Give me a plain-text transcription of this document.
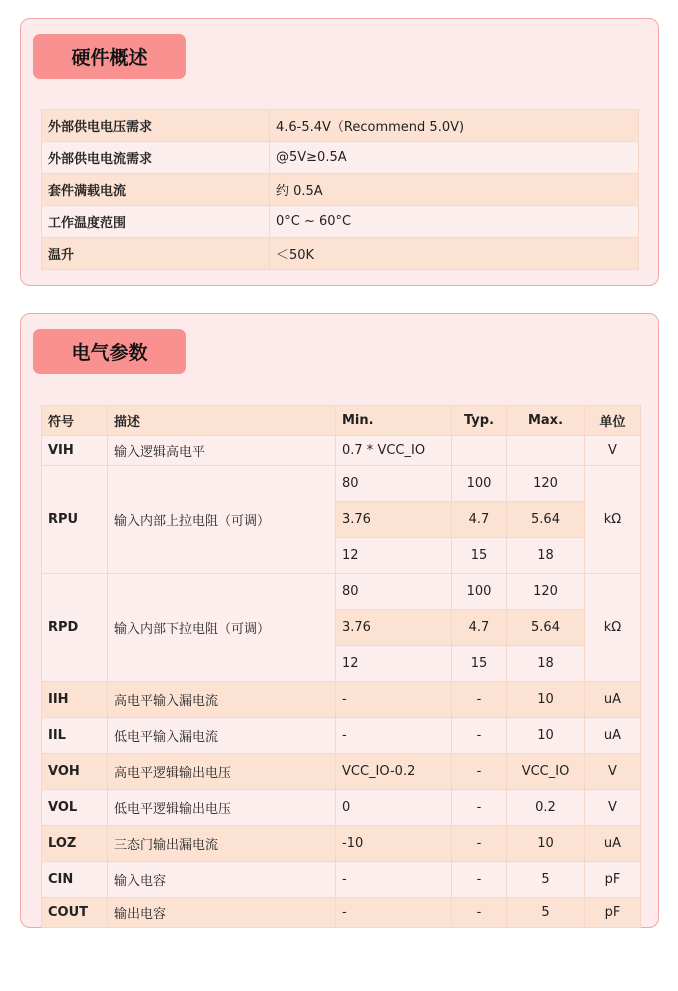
硬件概述
外部供电电压需求	4.6-5.4V（Recommend 5.0V)
外部供电电流需求	@5V≥0.5A
套件满载电流	约 0.5A
工作温度范围	0°C ~ 60°C
温升	＜50K
电气参数
符号	描述	Min.	Typ.	Max.	单位
VIH	输入逻辑高电平	0.7 * VCC_IO			V
RPU	输入内部上拉电阻（可调）	80	100	120	kΩ
		3.76	4.7	5.64	
		12	15	18	
RPD	输入内部下拉电阻（可调）	80	100	120	kΩ
		3.76	4.7	5.64	
		12	15	18	
IIH	高电平输入漏电流	-	-	10	uA
IIL	低电平输入漏电流	-	-	10	uA
VOH	高电平逻辑输出电压	VCC_IO-0.2	-	VCC_IO	V
VOL	低电平逻辑输出电压	0	-	0.2	V
LOZ	三态门输出漏电流	-10	-	10	uA
CIN	输入电容	-	-	5	pF
COUT	输出电容	-	-	5	pF
